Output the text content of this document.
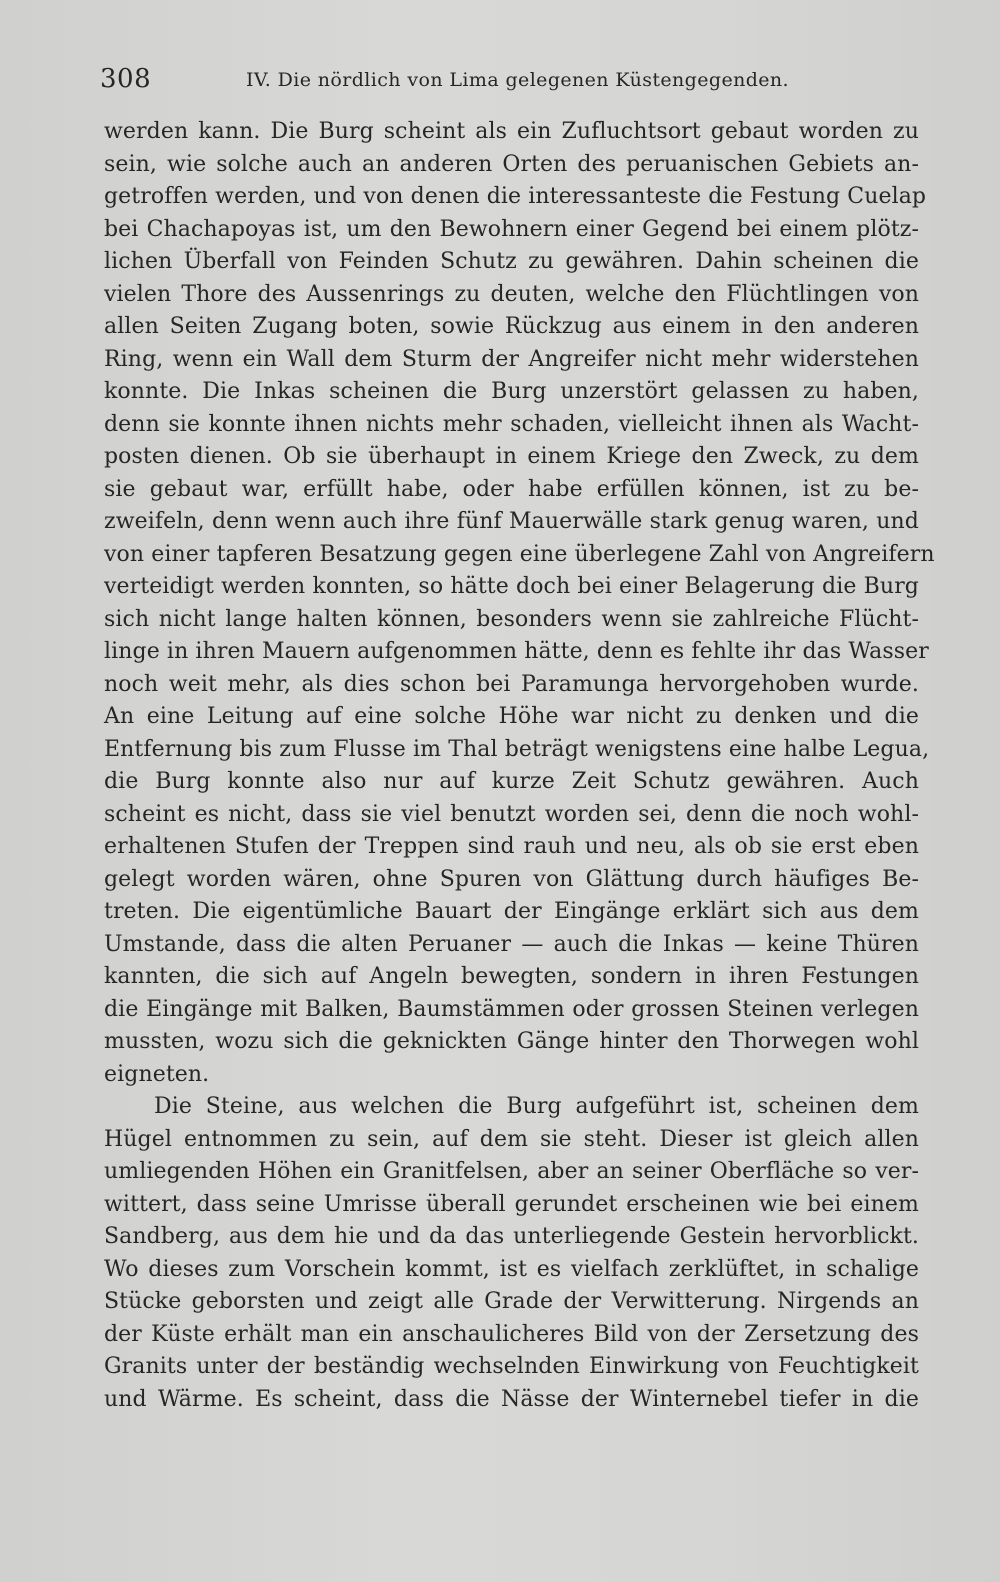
308	IV. Die nördlich von Lima gelegenen Küstengegenden.
werden kann. Die Burg scheint als ein Zufluchtsort gebaut worden zu
sein, wie solche auch an anderen Orten des peruanischen Gebiets an-
getroffen werden, und von denen die interessanteste die Festung Cuelap
bei Chachapoyas ist, um den Bewohnern einer Gegend bei einem plötz-
lichen Überfall von Feinden Schutz zu gewähren. Dahin scheinen die
vielen Thore des Aussenrings zu deuten, welche den Flüchtlingen von
allen Seiten Zugang boten, sowie Rückzug aus einem in den anderen
Ring, wenn ein Wall dem Sturm der Angreifer nicht mehr widerstehen
konnte. Die Inkas scheinen die Burg unzerstört gelassen zu haben,
denn sie konnte ihnen nichts mehr schaden, vielleicht ihnen als Wacht-
posten dienen. Ob sie überhaupt in einem Kriege den Zweck, zu dem
sie gebaut war, erfüllt habe, oder habe erfüllen können, ist zu be-
zweifeln, denn wenn auch ihre fünf Mauerwälle stark genug waren, und
von einer tapferen Besatzung gegen eine überlegene Zahl von Angreifern
verteidigt werden konnten, so hätte doch bei einer Belagerung die Burg
sich nicht lange halten können, besonders wenn sie zahlreiche Flücht-
linge in ihren Mauern aufgenommen hätte, denn es fehlte ihr das Wasser
noch weit mehr, als dies schon bei Paramunga hervorgehoben wurde.
An eine Leitung auf eine solche Höhe war nicht zu denken und die
Entfernung bis zum Flusse im Thal beträgt wenigstens eine halbe Legua,
die Burg konnte also nur auf kurze Zeit Schutz gewähren. Auch
scheint es nicht, dass sie viel benutzt worden sei, denn die noch wohl-
erhaltenen Stufen der Treppen sind rauh und neu, als ob sie erst eben
gelegt worden wären, ohne Spuren von Glättung durch häufiges Be-
treten. Die eigentümliche Bauart der Eingänge erklärt sich aus dem
Umstande, dass die alten Peruaner — auch die Inkas — keine Thüren
kannten, die sich auf Angeln bewegten, sondern in ihren Festungen
die Eingänge mit Balken, Baumstämmen oder grossen Steinen verlegen
mussten, wozu sich die geknickten Gänge hinter den Thorwegen wohl
eigneten.
Die Steine, aus welchen die Burg aufgeführt ist, scheinen dem
Hügel entnommen zu sein, auf dem sie steht. Dieser ist gleich allen
umliegenden Höhen ein Granitfelsen, aber an seiner Oberfläche so ver-
wittert, dass seine Umrisse überall gerundet erscheinen wie bei einem
Sandberg, aus dem hie und da das unterliegende Gestein hervorblickt.
Wo dieses zum Vorschein kommt, ist es vielfach zerklüftet, in schalige
Stücke geborsten und zeigt alle Grade der Verwitterung. Nirgends an
der Küste erhält man ein anschaulicheres Bild von der Zersetzung des
Granits unter der beständig wechselnden Einwirkung von Feuchtigkeit
und Wärme. Es scheint, dass die Nässe der Winternebel tiefer in die
